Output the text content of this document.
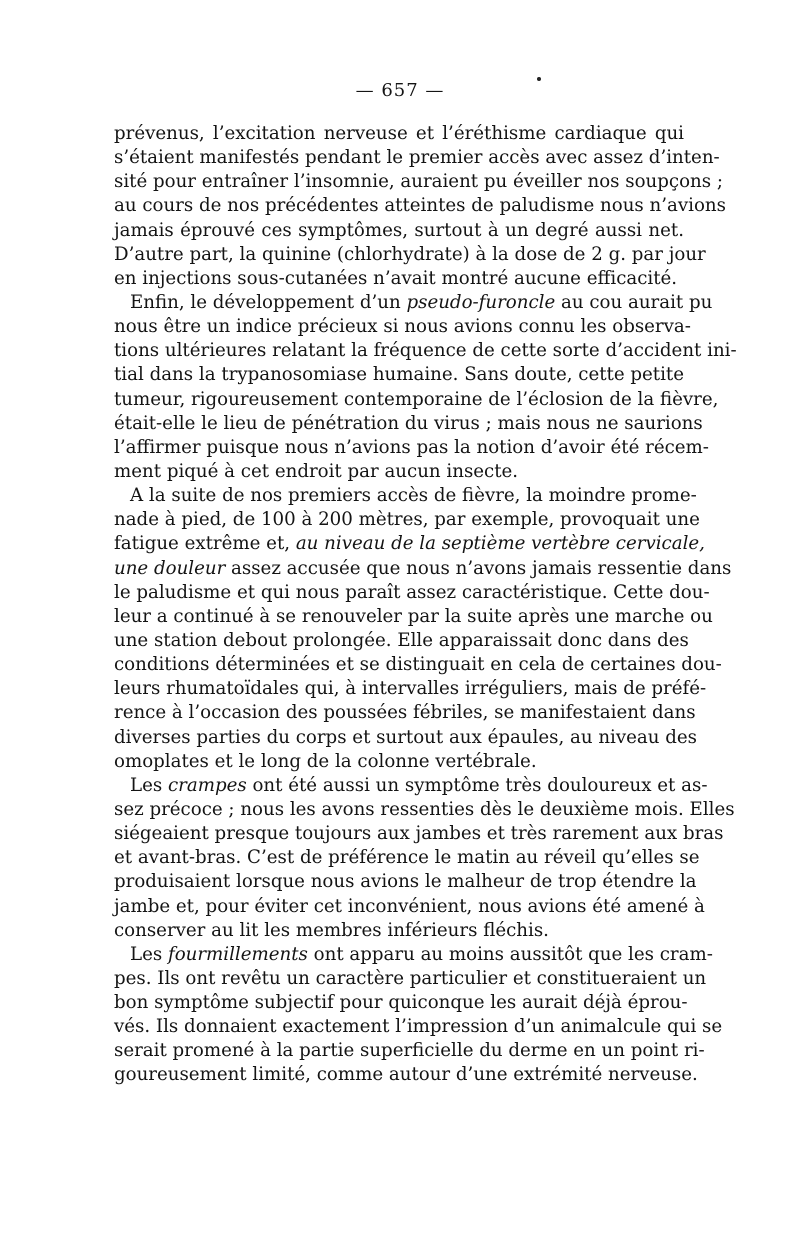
— 657 —
prévenus, l’excitation nerveuse et l’éréthisme cardiaque qui
s’étaient manifestés pendant le premier accès avec assez d’inten-
sité pour entraîner l’insomnie, auraient pu éveiller nos soupçons ;
au cours de nos précédentes atteintes de paludisme nous n’avions
jamais éprouvé ces symptômes, surtout à un degré aussi net.
D’autre part, la quinine (chlorhydrate) à la dose de 2 g. par jour
en injections sous-cutanées n’avait montré aucune efficacité.
Enfin, le développement d’un pseudo-furoncle au cou aurait pu
nous être un indice précieux si nous avions connu les observa-
tions ultérieures relatant la fréquence de cette sorte d’accident ini-
tial dans la trypanosomiase humaine. Sans doute, cette petite
tumeur, rigoureusement contemporaine de l’éclosion de la fièvre,
était-elle le lieu de pénétration du virus ; mais nous ne saurions
l’affirmer puisque nous n’avions pas la notion d’avoir été récem-
ment piqué à cet endroit par aucun insecte.
A la suite de nos premiers accès de fièvre, la moindre prome-
nade à pied, de 100 à 200 mètres, par exemple, provoquait une
fatigue extrême et, au niveau de la septième vertèbre cervicale,
une douleur assez accusée que nous n’avons jamais ressentie dans
le paludisme et qui nous paraît assez caractéristique. Cette dou-
leur a continué à se renouveler par la suite après une marche ou
une station debout prolongée. Elle apparaissait donc dans des
conditions déterminées et se distinguait en cela de certaines dou-
leurs rhumatoïdales qui, à intervalles irréguliers, mais de préfé-
rence à l’occasion des poussées fébriles, se manifestaient dans
diverses parties du corps et surtout aux épaules, au niveau des
omoplates et le long de la colonne vertébrale.
Les crampes ont été aussi un symptôme très douloureux et as-
sez précoce ; nous les avons ressenties dès le deuxième mois. Elles
siégeaient presque toujours aux jambes et très rarement aux bras
et avant-bras. C’est de préférence le matin au réveil qu’elles se
produisaient lorsque nous avions le malheur de trop étendre la
jambe et, pour éviter cet inconvénient, nous avions été amené à
conserver au lit les membres inférieurs fléchis.
Les fourmillements ont apparu au moins aussitôt que les cram-
pes. Ils ont revêtu un caractère particulier et constitueraient un
bon symptôme subjectif pour quiconque les aurait déjà éprou-
vés. Ils donnaient exactement l’impression d’un animalcule qui se
serait promené à la partie superficielle du derme en un point ri-
goureusement limité, comme autour d’une extrémité nerveuse.
